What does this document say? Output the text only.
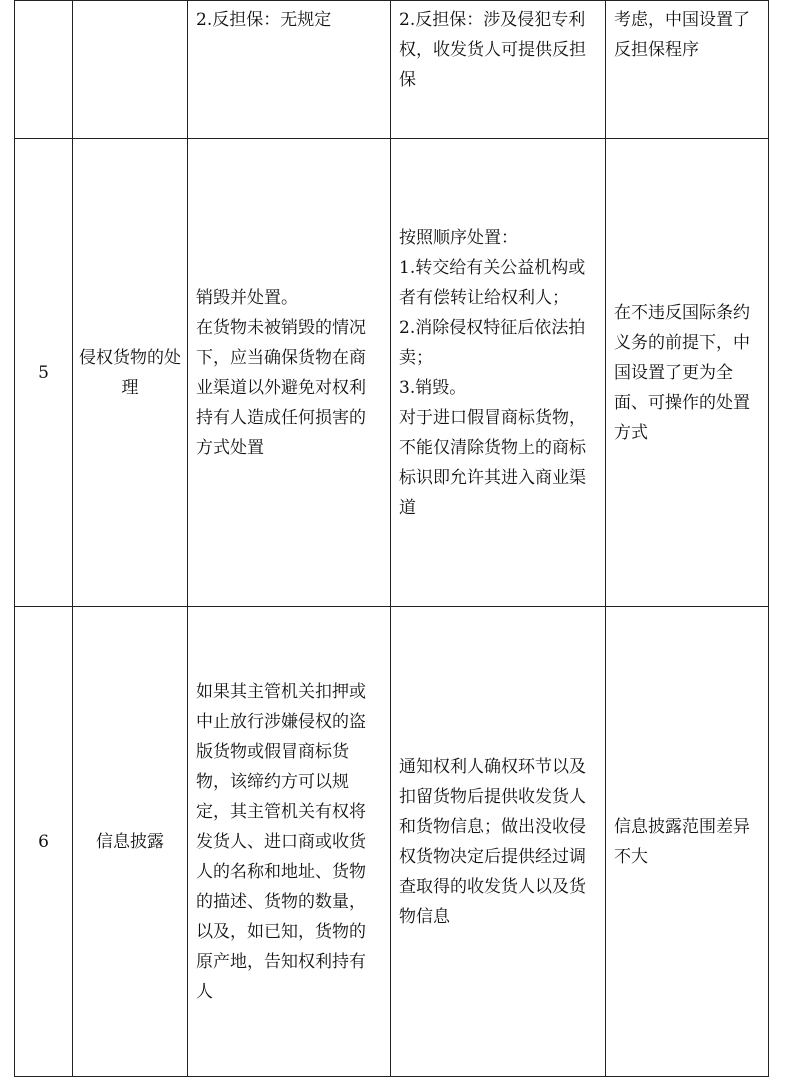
		2.反担保：无规定	2.反担保：涉及侵犯专利权，收发货人可提供反担保	考虑，中国设置了反担保程序

5	侵权货物的处理	销毁并处置。
在货物未被销毁的情况下，应当确保货物在商业渠道以外避免对权利持有人造成任何损害的方式处置	按照顺序处置：
1.转交给有关公益机构或者有偿转让给权利人；
2.消除侵权特征后依法拍卖；
3.销毁。
对于进口假冒商标货物，不能仅清除货物上的商标标识即允许其进入商业渠道	在不违反国际条约义务的前提下，中国设置了更为全面、可操作的处置方式

6	信息披露	如果其主管机关扣押或中止放行涉嫌侵权的盗版货物或假冒商标货物，该缔约方可以规定，其主管机关有权将发货人、进口商或收货人的名称和地址、货物的描述、货物的数量，以及，如已知，货物的原产地，告知权利持有人	通知权利人确权环节以及扣留货物后提供收发货人和货物信息；做出没收侵权货物决定后提供经过调查取得的收发货人以及货物信息	信息披露范围差异不大
